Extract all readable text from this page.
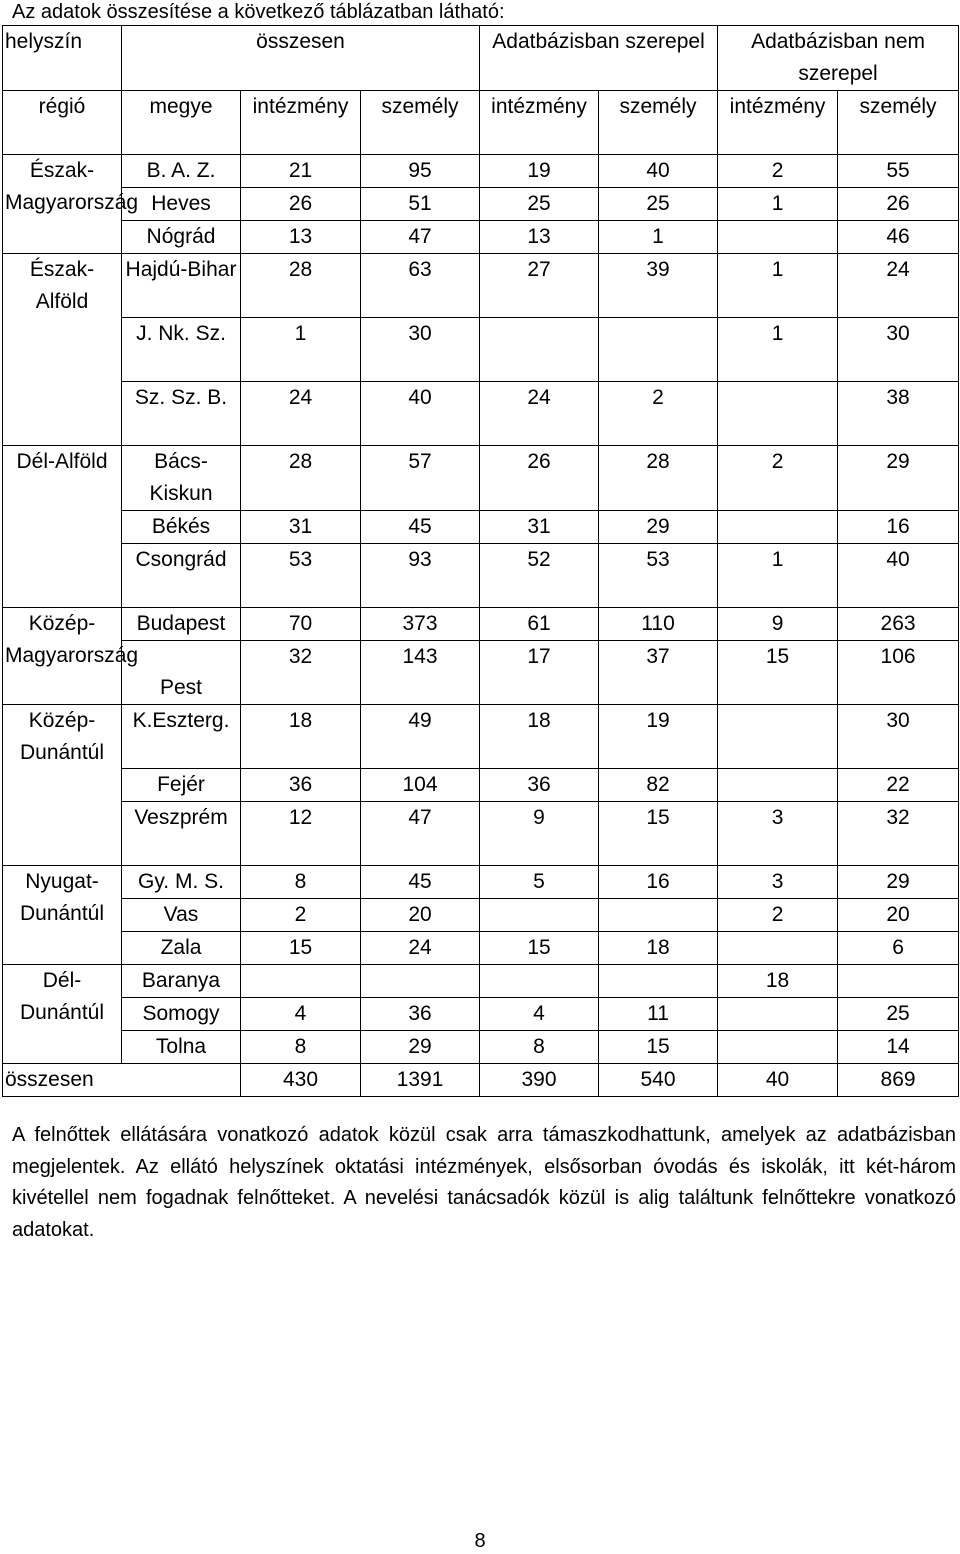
Az adatok összesítése a következő táblázatban látható:
helyszín	összesen			Adatbázisban szerepel		Adatbázisban nem szerepel	
régió	megye	intézmény	személy	intézmény	személy	intézmény	személy
Észak-Magyarország	B. A. Z.	21	95	19	40	2	55
	Heves	26	51	25	25	1	26
	Nógrád	13	47	13	1		46
Észak-Alföld	Hajdú-Bihar	28	63	27	39	1	24
	J. Nk. Sz.	1	30			1	30
	Sz. Sz. B.	24	40	24	2		38
Dél-Alföld	Bács-Kiskun	28	57	26	28	2	29
	Békés	31	45	31	29		16
	Csongrád	53	93	52	53	1	40
Közép-Magyarország	Budapest	70	373	61	110	9	263
	Pest	32	143	17	37	15	106
Közép-Dunántúl	K.Eszterg.	18	49	18	19		30
	Fejér	36	104	36	82		22
	Veszprém	12	47	9	15	3	32
Nyugat-Dunántúl	Gy. M. S.	8	45	5	16	3	29
	Vas	2	20			2	20
	Zala	15	24	15	18		6
Dél-Dunántúl	Baranya					18	
	Somogy	4	36	4	11		25
	Tolna	8	29	8	15		14
összesen		430	1391	390	540	40	869
A felnőttek ellátására vonatkozó adatok közül csak arra támaszkodhattunk, amelyek az adatbázisban megjelentek. Az ellátó helyszínek oktatási intézmények, elsősorban óvodás és iskolák, itt két-három kivétellel nem fogadnak felnőtteket. A nevelési tanácsadók közül is alig találtunk felnőttekre vonatkozó adatokat.
8
